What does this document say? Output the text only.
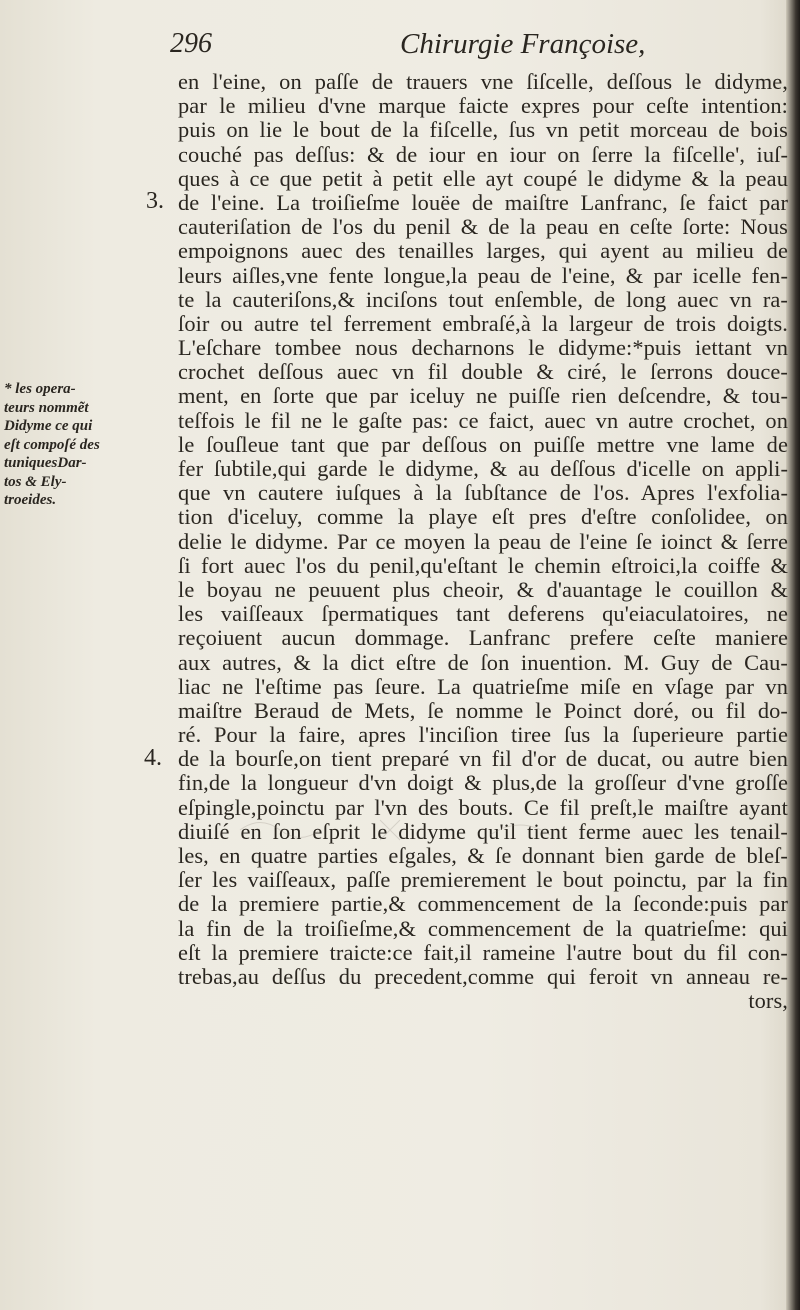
296	Chirurgie Françoise,
* les opera-
teurs nommẽt
Didyme ce qui
eſt compoſé des
tuniquesDar-
tos & Ely-
troeides.
3.
4.
en l'eine, on paſſe de trauers vne ſiſcelle, deſſous le didyme,
par le milieu d'vne marque faicte expres pour ceſte intention:
puis on lie le bout de la fiſcelle, ſus vn petit morceau de bois
couché pas deſſus: & de iour en iour on ſerre la fiſcelle', iuſ-
ques à ce que petit à petit elle ayt coupé le didyme & la peau
de l'eine. La troiſieſme louëe de maiſtre Lanfranc, ſe faict par
cauteriſation de l'os du penil & de la peau en ceſte ſorte: Nous
empoignons auec des tenailles larges, qui ayent au milieu de
leurs aiſles,vne fente longue,la peau de l'eine, & par icelle fen-
te la cauteriſons,& inciſons tout enſemble, de long auec vn ra-
ſoir ou autre tel ferrement embraſé,à la largeur de trois doigts.
L'eſchare tombee nous decharnons le didyme:*puis iettant vn
crochet deſſous auec vn fil double & ciré, le ſerrons douce-
ment, en ſorte que par iceluy ne puiſſe rien deſcendre, & tou-
teſfois le fil ne le gaſte pas: ce faict, auec vn autre crochet, on
le ſouſleue tant que par deſſous on puiſſe mettre vne lame de
fer ſubtile,qui garde le didyme, & au deſſous d'icelle on appli-
que vn cautere iuſques à la ſubſtance de l'os. Apres l'exfolia-
tion d'iceluy, comme la playe eſt pres d'eſtre conſolidee, on
delie le didyme. Par ce moyen la peau de l'eine ſe ioinct & ſerre
ſi fort auec l'os du penil,qu'eſtant le chemin eſtroici,la coiffe &
le boyau ne peuuent plus cheoir, & d'auantage le couillon &
les vaiſſeaux ſpermatiques tant deferens qu'eiaculatoires, ne
reçoiuent aucun dommage. Lanfranc prefere ceſte maniere
aux autres, & la dict eſtre de ſon inuention. M. Guy de Cau-
liac ne l'eſtime pas ſeure. La quatrieſme miſe en vſage par vn
maiſtre Beraud de Mets, ſe nomme le Poinct doré, ou fil do-
ré. Pour la faire, apres l'inciſion tiree ſus la ſuperieure partie
de la bourſe,on tient preparé vn fil d'or de ducat, ou autre bien
fin,de la longueur d'vn doigt & plus,de la groſſeur d'vne groſſe
eſpingle,poinctu par l'vn des bouts. Ce fil preſt,le maiſtre ayant
diuiſé en ſon eſprit le didyme qu'il tient ferme auec les tenail-
les, en quatre parties eſgales, & ſe donnant bien garde de bleſ-
ſer les vaiſſeaux, paſſe premierement le bout poinctu, par la fin
de la premiere partie,& commencement de la ſeconde:puis par
la fin de la troiſieſme,& commencement de la quatrieſme: qui
eſt la premiere traicte:ce fait,il rameine l'autre bout du fil con-
trebas,au deſſus du precedent,comme qui feroit vn anneau re-
tors,
